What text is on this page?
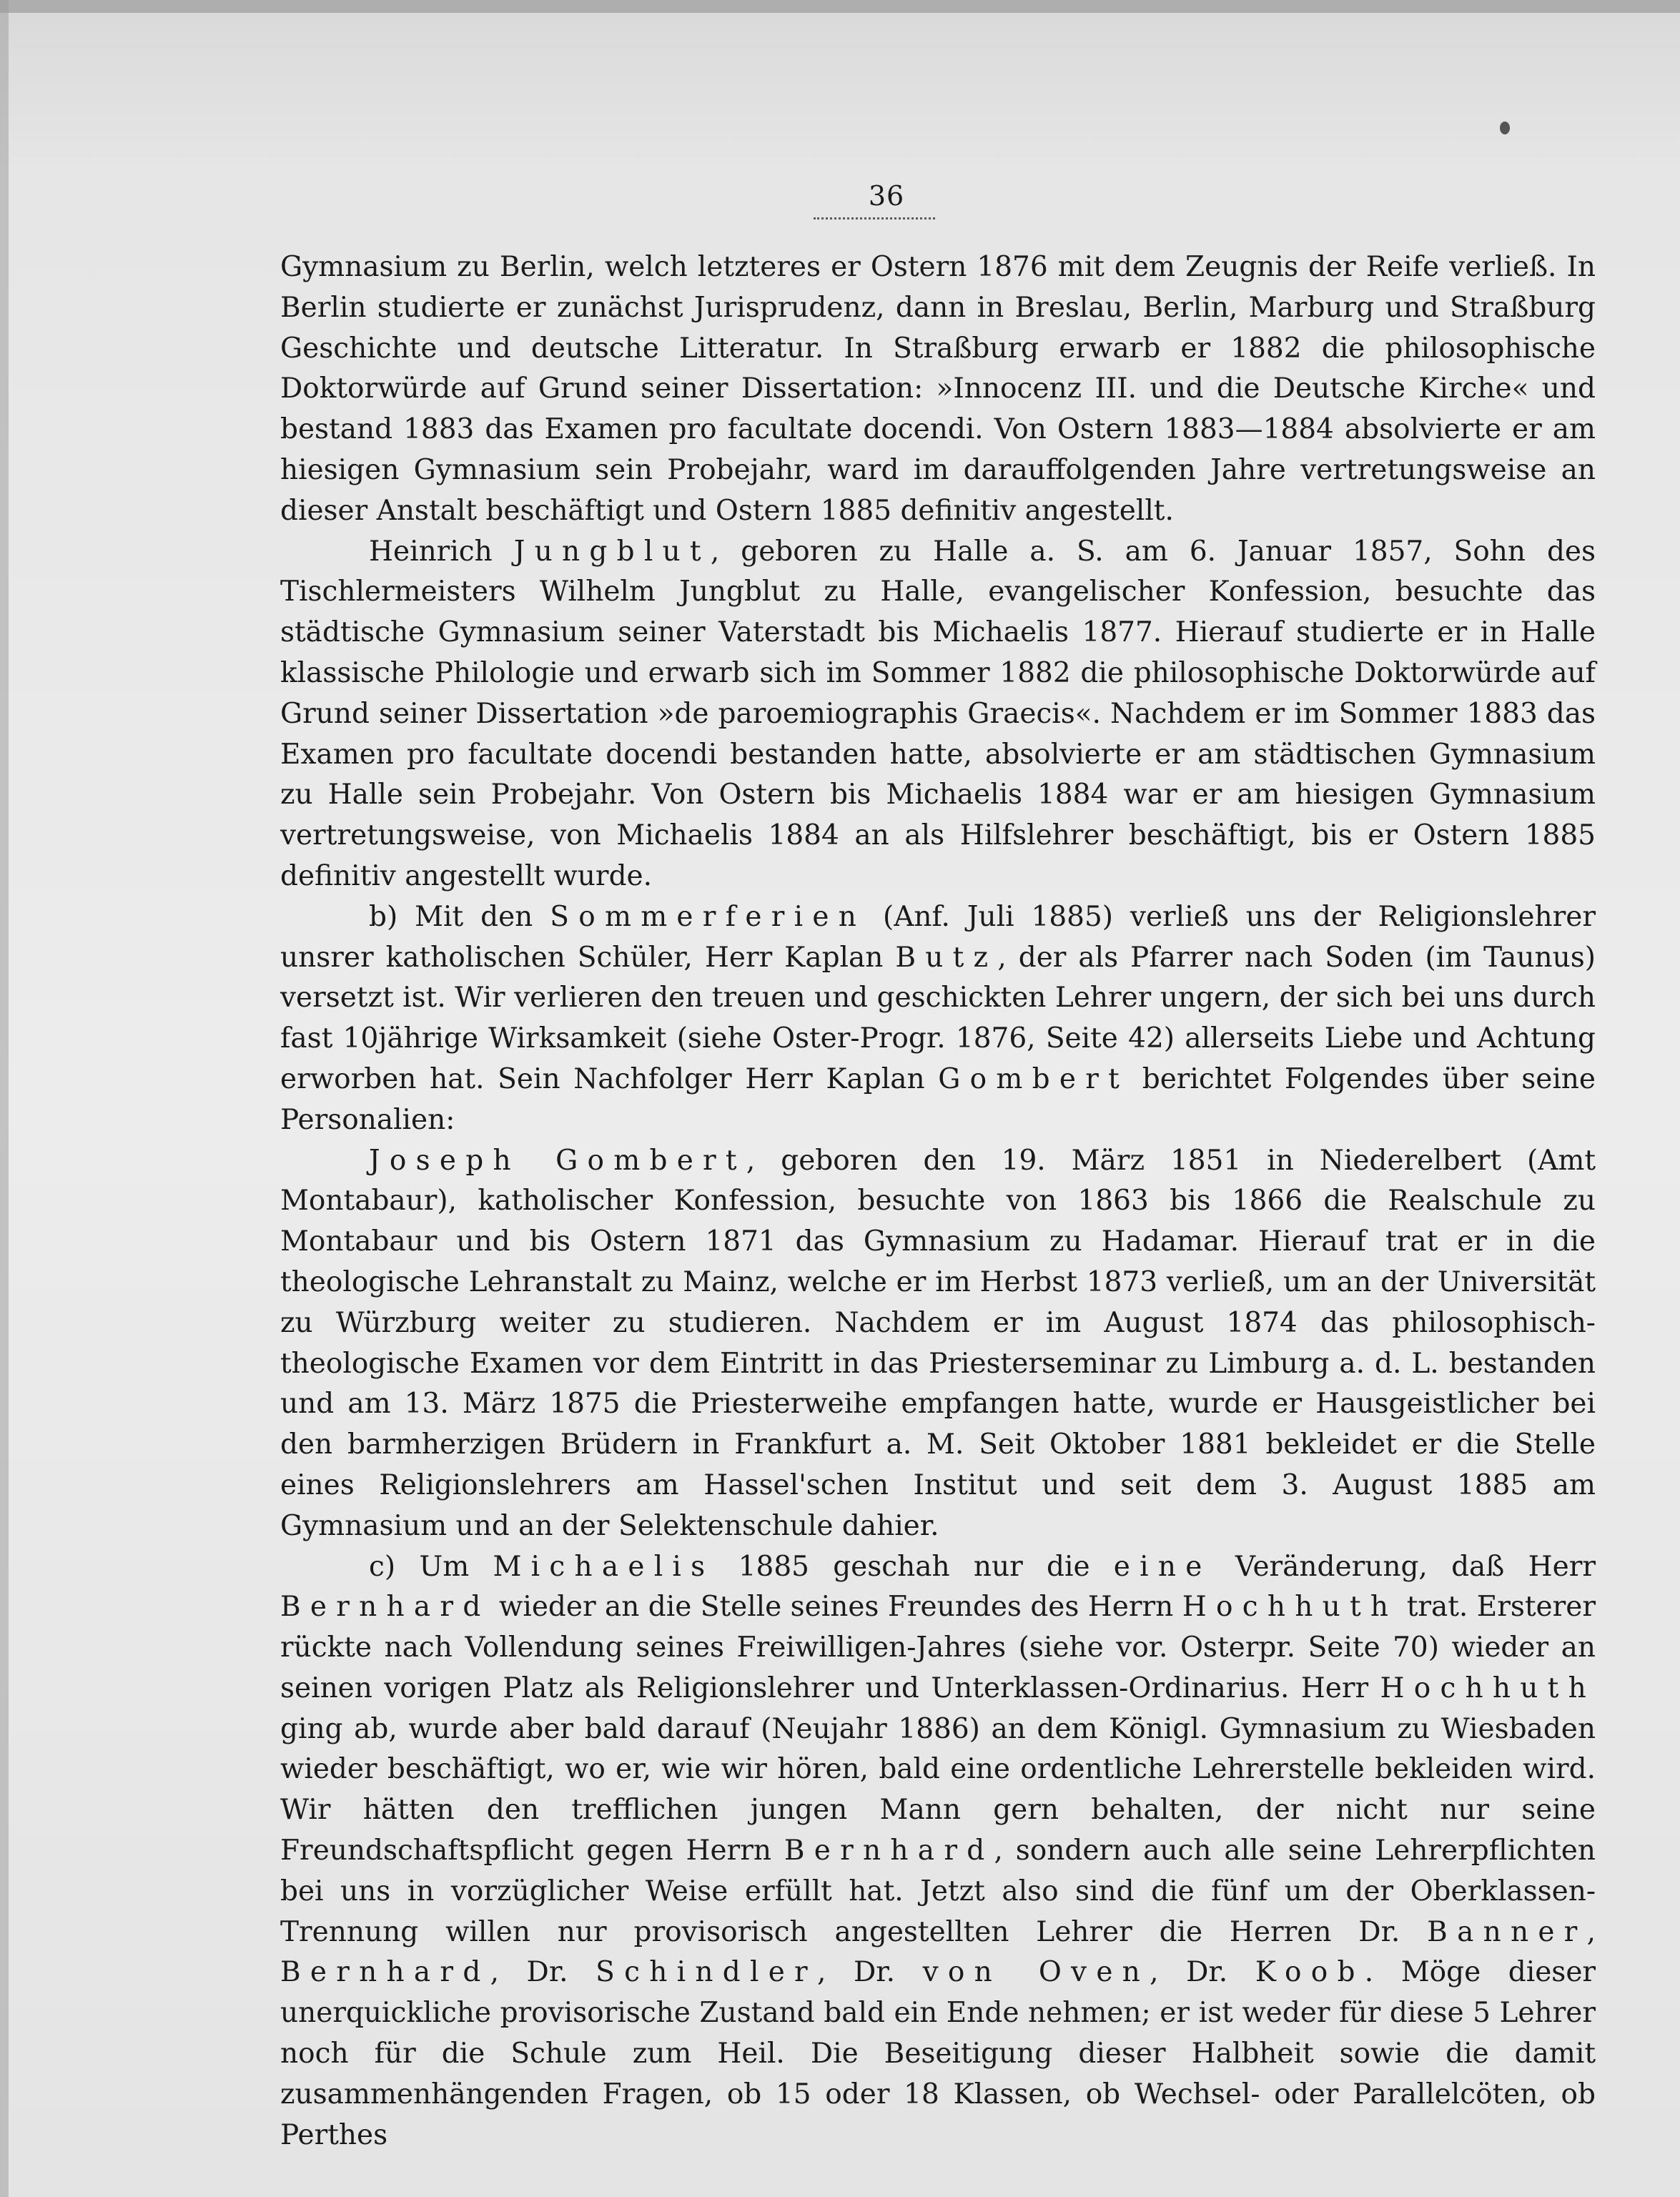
36

Gymnasium zu Berlin, welch letzteres er Ostern 1876 mit dem Zeugnis der Reife verließ. In Berlin studierte er zunächst Jurisprudenz, dann in Breslau, Berlin, Marburg und Straßburg Geschichte und deutsche Litteratur. In Straßburg erwarb er 1882 die philosophische Doktorwürde auf Grund seiner Dissertation: »Innocenz III. und die Deutsche Kirche« und bestand 1883 das Examen pro facultate docendi. Von Ostern 1883—1884 absolvierte er am hiesigen Gymnasium sein Probejahr, ward im darauffolgenden Jahre vertretungsweise an dieser Anstalt beschäftigt und Ostern 1885 definitiv angestellt.

Heinrich Jungblut, geboren zu Halle a. S. am 6. Januar 1857, Sohn des Tischlermeisters Wilhelm Jungblut zu Halle, evangelischer Konfession, besuchte das städtische Gymnasium seiner Vaterstadt bis Michaelis 1877. Hierauf studierte er in Halle klassische Philologie und erwarb sich im Sommer 1882 die philosophische Doktorwürde auf Grund seiner Dissertation »de paroemiographis Graecis«. Nachdem er im Sommer 1883 das Examen pro facultate docendi bestanden hatte, absolvierte er am städtischen Gymnasium zu Halle sein Probejahr. Von Ostern bis Michaelis 1884 war er am hiesigen Gymnasium vertretungsweise, von Michaelis 1884 an als Hilfslehrer beschäftigt, bis er Ostern 1885 definitiv angestellt wurde.

b) Mit den Sommerferien (Anf. Juli 1885) verließ uns der Religionslehrer unsrer katholischen Schüler, Herr Kaplan Butz, der als Pfarrer nach Soden (im Taunus) versetzt ist. Wir verlieren den treuen und geschickten Lehrer ungern, der sich bei uns durch fast 10jährige Wirksamkeit (siehe Oster-Progr. 1876, Seite 42) allerseits Liebe und Achtung erworben hat. Sein Nachfolger Herr Kaplan Gombert berichtet Folgendes über seine Personalien:

Joseph Gombert, geboren den 19. März 1851 in Niederelbert (Amt Montabaur), katholischer Konfession, besuchte von 1863 bis 1866 die Realschule zu Montabaur und bis Ostern 1871 das Gymnasium zu Hadamar. Hierauf trat er in die theologische Lehranstalt zu Mainz, welche er im Herbst 1873 verließ, um an der Universität zu Würzburg weiter zu studieren. Nachdem er im August 1874 das philosophisch-theologische Examen vor dem Eintritt in das Priesterseminar zu Limburg a. d. L. bestanden und am 13. März 1875 die Priesterweihe empfangen hatte, wurde er Hausgeistlicher bei den barmherzigen Brüdern in Frankfurt a. M. Seit Oktober 1881 bekleidet er die Stelle eines Religionslehrers am Hassel'schen Institut und seit dem 3. August 1885 am Gymnasium und an der Selektenschule dahier.

c) Um Michaelis 1885 geschah nur die eine Veränderung, daß Herr Bernhard wieder an die Stelle seines Freundes des Herrn Hochhuth trat. Ersterer rückte nach Vollendung seines Freiwilligen-Jahres (siehe vor. Osterpr. Seite 70) wieder an seinen vorigen Platz als Religionslehrer und Unterklassen-Ordinarius. Herr Hochhuth ging ab, wurde aber bald darauf (Neujahr 1886) an dem Königl. Gymnasium zu Wiesbaden wieder beschäftigt, wo er, wie wir hören, bald eine ordentliche Lehrerstelle bekleiden wird. Wir hätten den trefflichen jungen Mann gern behalten, der nicht nur seine Freundschaftspflicht gegen Herrn Bernhard, sondern auch alle seine Lehrerpflichten bei uns in vorzüglicher Weise erfüllt hat. Jetzt also sind die fünf um der Oberklassen-Trennung willen nur provisorisch angestellten Lehrer die Herren Dr. Banner, Bernhard, Dr. Schindler, Dr. von Oven, Dr. Koob. Möge dieser unerquickliche provisorische Zustand bald ein Ende nehmen; er ist weder für diese 5 Lehrer noch für die Schule zum Heil. Die Beseitigung dieser Halbheit sowie die damit zusammenhängenden Fragen, ob 15 oder 18 Klassen, ob Wechsel- oder Parallelcöten, ob Perthes
